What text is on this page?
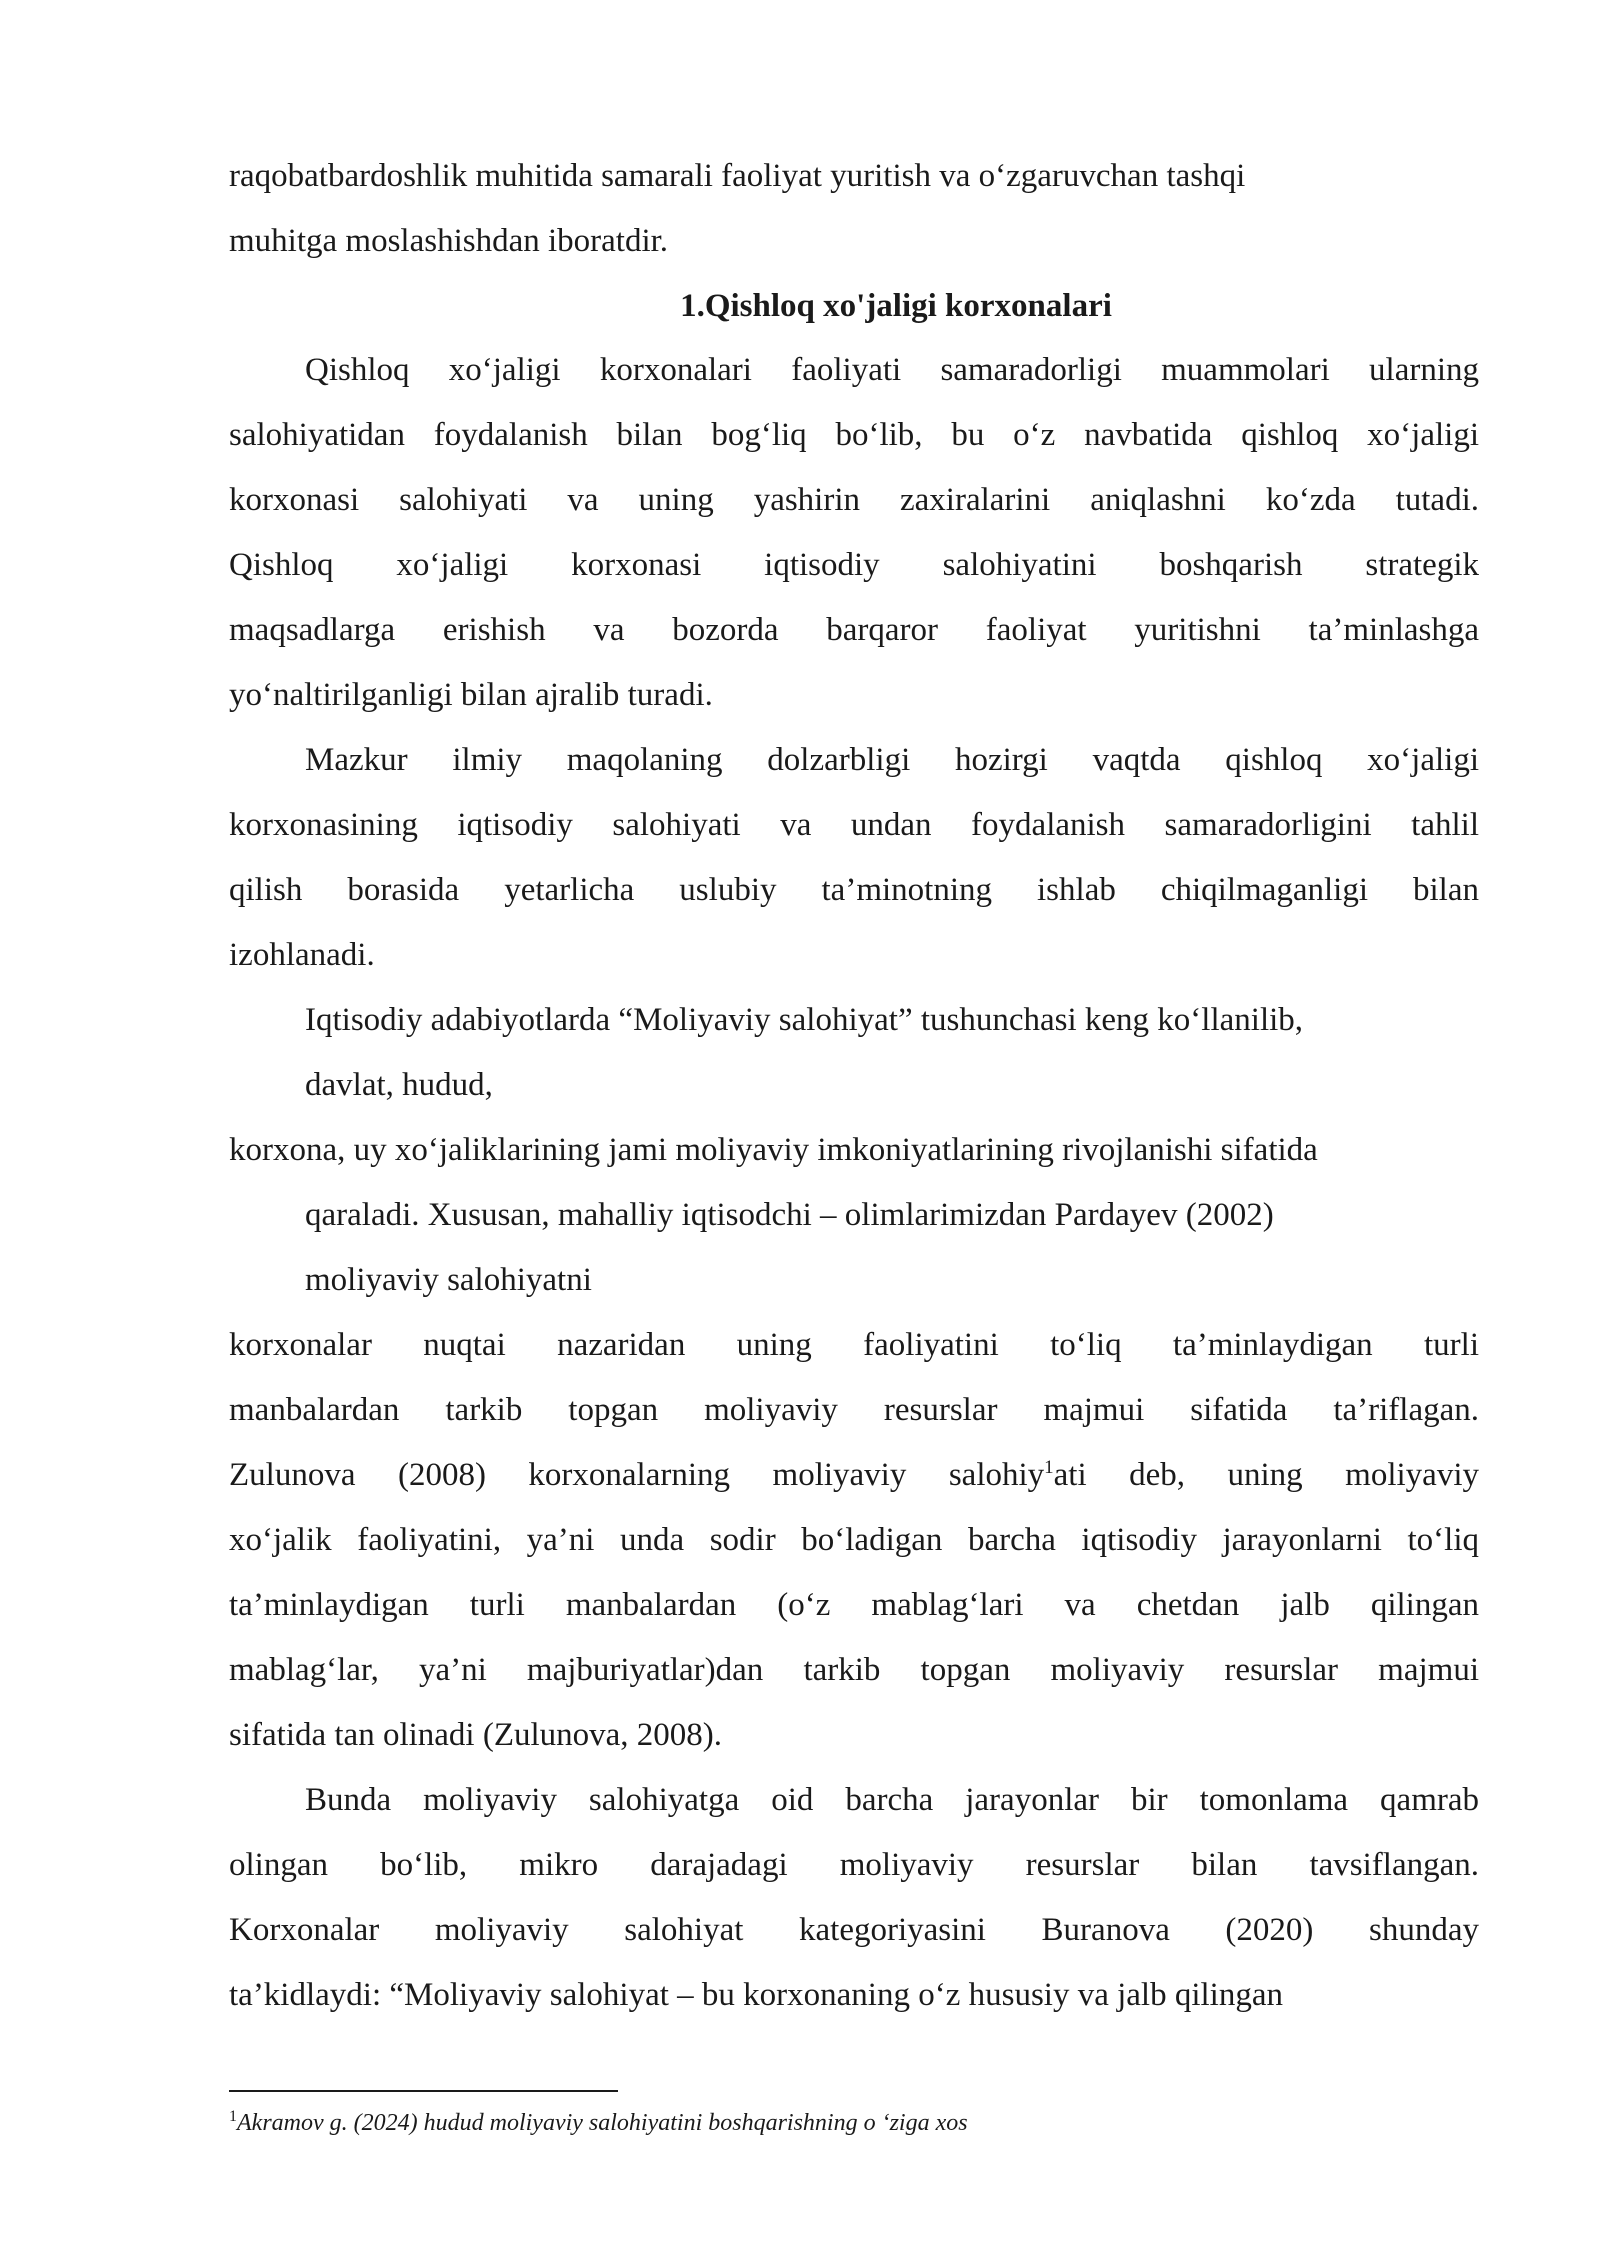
raqobatbardoshlik muhitida samarali faoliyat yuritish va o‘zgaruvchan tashqi
muhitga moslashishdan iboratdir.
1.Qishloq xo'jaligi korxonalari
Qishloq xo‘jaligi korxonalari faoliyati samaradorligi muammolari ularning
salohiyatidan foydalanish bilan bog‘liq bo‘lib, bu o‘z navbatida qishloq xo‘jaligi
korxonasi salohiyati va uning yashirin zaxiralarini aniqlashni ko‘zda tutadi.
Qishloq xo‘jaligi korxonasi iqtisodiy salohiyatini boshqarish strategik
maqsadlarga erishish va bozorda barqaror faoliyat yuritishni ta’minlashga
yo‘naltirilganligi bilan ajralib turadi.
Mazkur ilmiy maqolaning dolzarbligi hozirgi vaqtda qishloq xo‘jaligi
korxonasining iqtisodiy salohiyati va undan foydalanish samaradorligini tahlil
qilish borasida yetarlicha uslubiy ta’minotning ishlab chiqilmaganligi bilan
izohlanadi.
Iqtisodiy adabiyotlarda “Moliyaviy salohiyat” tushunchasi keng ko‘llanilib,
davlat, hudud,
korxona, uy xo‘jaliklarining jami moliyaviy imkoniyatlarining rivojlanishi sifatida
qaraladi. Xususan, mahalliy iqtisodchi – olimlarimizdan Pardayev (2002)
moliyaviy salohiyatni
korxonalar nuqtai nazaridan uning faoliyatini to‘liq ta’minlaydigan turli
manbalardan tarkib topgan moliyaviy resurslar majmui sifatida ta’riflagan.
Zulunova (2008) korxonalarning moliyaviy salohiy$^1$ati deb, uning moliyaviy
xo‘jalik faoliyatini, ya’ni unda sodir bo‘ladigan barcha iqtisodiy jarayonlarni to‘liq
ta’minlaydigan turli manbalardan (o‘z mablag‘lari va chetdan jalb qilingan
mablag‘lar, ya’ni majburiyatlar)dan tarkib topgan moliyaviy resurslar majmui
sifatida tan olinadi (Zulunova, 2008).
Bunda moliyaviy salohiyatga oid barcha jarayonlar bir tomonlama qamrab
olingan bo‘lib, mikro darajadagi moliyaviy resurslar bilan tavsiflangan.
Korxonalar moliyaviy salohiyat kategoriyasini Buranova (2020) shunday
ta’kidlaydi: “Moliyaviy salohiyat – bu korxonaning o‘z hususiy va jalb qilingan
$^1$Akramov g. (2024) hudud moliyaviy salohiyatini boshqarishning o ‘ziga xos
